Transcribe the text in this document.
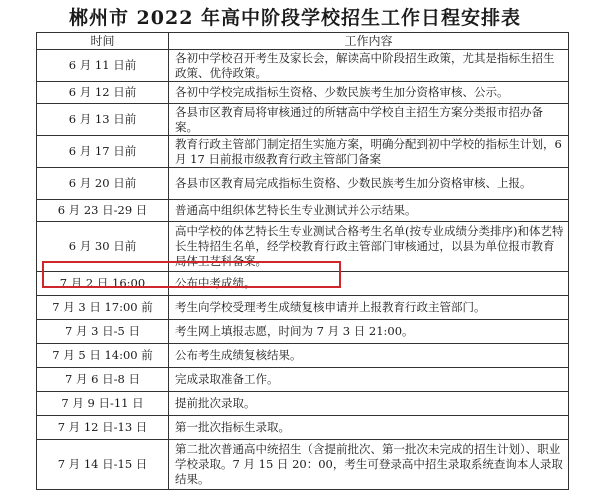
郴州市 2022 年高中阶段学校招生工作日程安排表
时间	工作内容
6 月 11 日前	各初中学校召开考生及家长会，解读高中阶段招生政策，尤其是指标生招生政策、优待政策。
6 月 12 日前	各初中学校完成指标生资格、少数民族考生加分资格审核、公示。
6 月 13 日前	各县市区教育局将审核通过的所辖高中学校自主招生方案分类报市招办备案。
6 月 17 日前	教育行政主管部门制定招生实施方案，明确分配到初中学校的指标生计划，6 月 17 日前报市级教育行政主管部门备案
6 月 20 日前	各县市区教育局完成指标生资格、少数民族考生加分资格审核、上报。
6 月 23 日-29 日	普通高中组织体艺特长生专业测试并公示结果。
6 月 30 日前	高中学校的体艺特长生专业测试合格考生名单(按专业成绩分类排序)和体艺特长生特招生名单，经学校教育行政主管部门审核通过，以县为单位报市教育局体卫艺科备案。
7 月 2 日 16:00	公布中考成绩。
7 月 3 日 17:00 前	考生向学校受理考生成绩复核申请并上报教育行政主管部门。
7 月 3 日-5 日	考生网上填报志愿，时间为 7 月 3 日 21:00。
7 月 5 日 14:00 前	公布考生成绩复核结果。
7 月 6 日-8 日	完成录取准备工作。
7 月 9 日-11 日	提前批次录取。
7 月 12 日-13 日	第一批次指标生录取。
7 月 14 日-15 日	第二批次普通高中统招生（含提前批次、第一批次未完成的招生计划）、职业学校录取。7 月 15 日 20：00，考生可登录高中招生录取系统查询本人录取结果。
